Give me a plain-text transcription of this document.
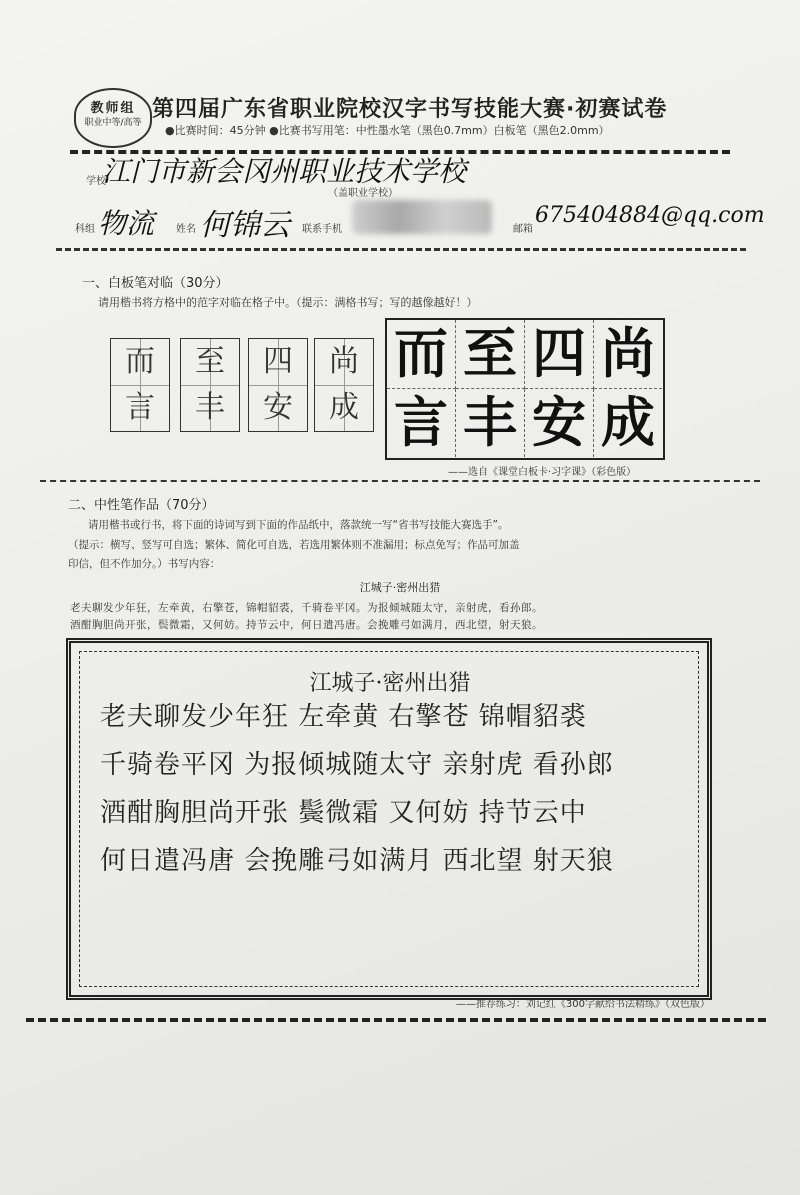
教师组
职业中等/高等
第四届广东省职业院校汉字书写技能大赛·初赛试卷
●比赛时间：45分钟 ●比赛书写用笔：中性墨水笔（黑色0.7mm）白板笔（黑色2.0mm）
学校
江门市新会冈州职业技术学校
（盖职业学校）
科组 物流 姓名 何锦云 联系手机	邮箱
675404884@qq.com
一、白板笔对临（30分）
请用楷书将方格中的范字对临在格子中。（提示：满格书写；写的越像越好！）
而言
至丰
四安
尚成
而 至 四 尚
言 丰 安 成
——选自《课堂白板卡·习字课》（彩色版）
二、中性笔作品（70分）
请用楷书或行书，将下面的诗词写到下面的作品纸中，落款统一写“省书写技能大赛选手”。
（提示：横写、竖写可自选；繁体、简化可自选，若选用繁体则不准漏用；标点免写；作品可加盖
印信，但不作加分。）书写内容：
江城子·密州出猎
老夫聊发少年狂，左牵黄，右擎苍，锦帽貂裘，千骑卷平冈。为报倾城随太守，亲射虎，看孙郎。
酒酣胸胆尚开张，鬓微霜，又何妨。持节云中，何日遣冯唐。会挽雕弓如满月，西北望，射天狼。
江城子·密州出猎
老夫聊发少年狂 左牵黄 右擎苍 锦帽貂裘
千骑卷平冈 为报倾城随太守 亲射虎 看孙郎
酒酣胸胆尚开张 鬓微霜 又何妨 持节云中
何日遣冯唐 会挽雕弓如满月 西北望 射天狼
——推荐练习：刘记红《300字献给书法精练》（双色版）
